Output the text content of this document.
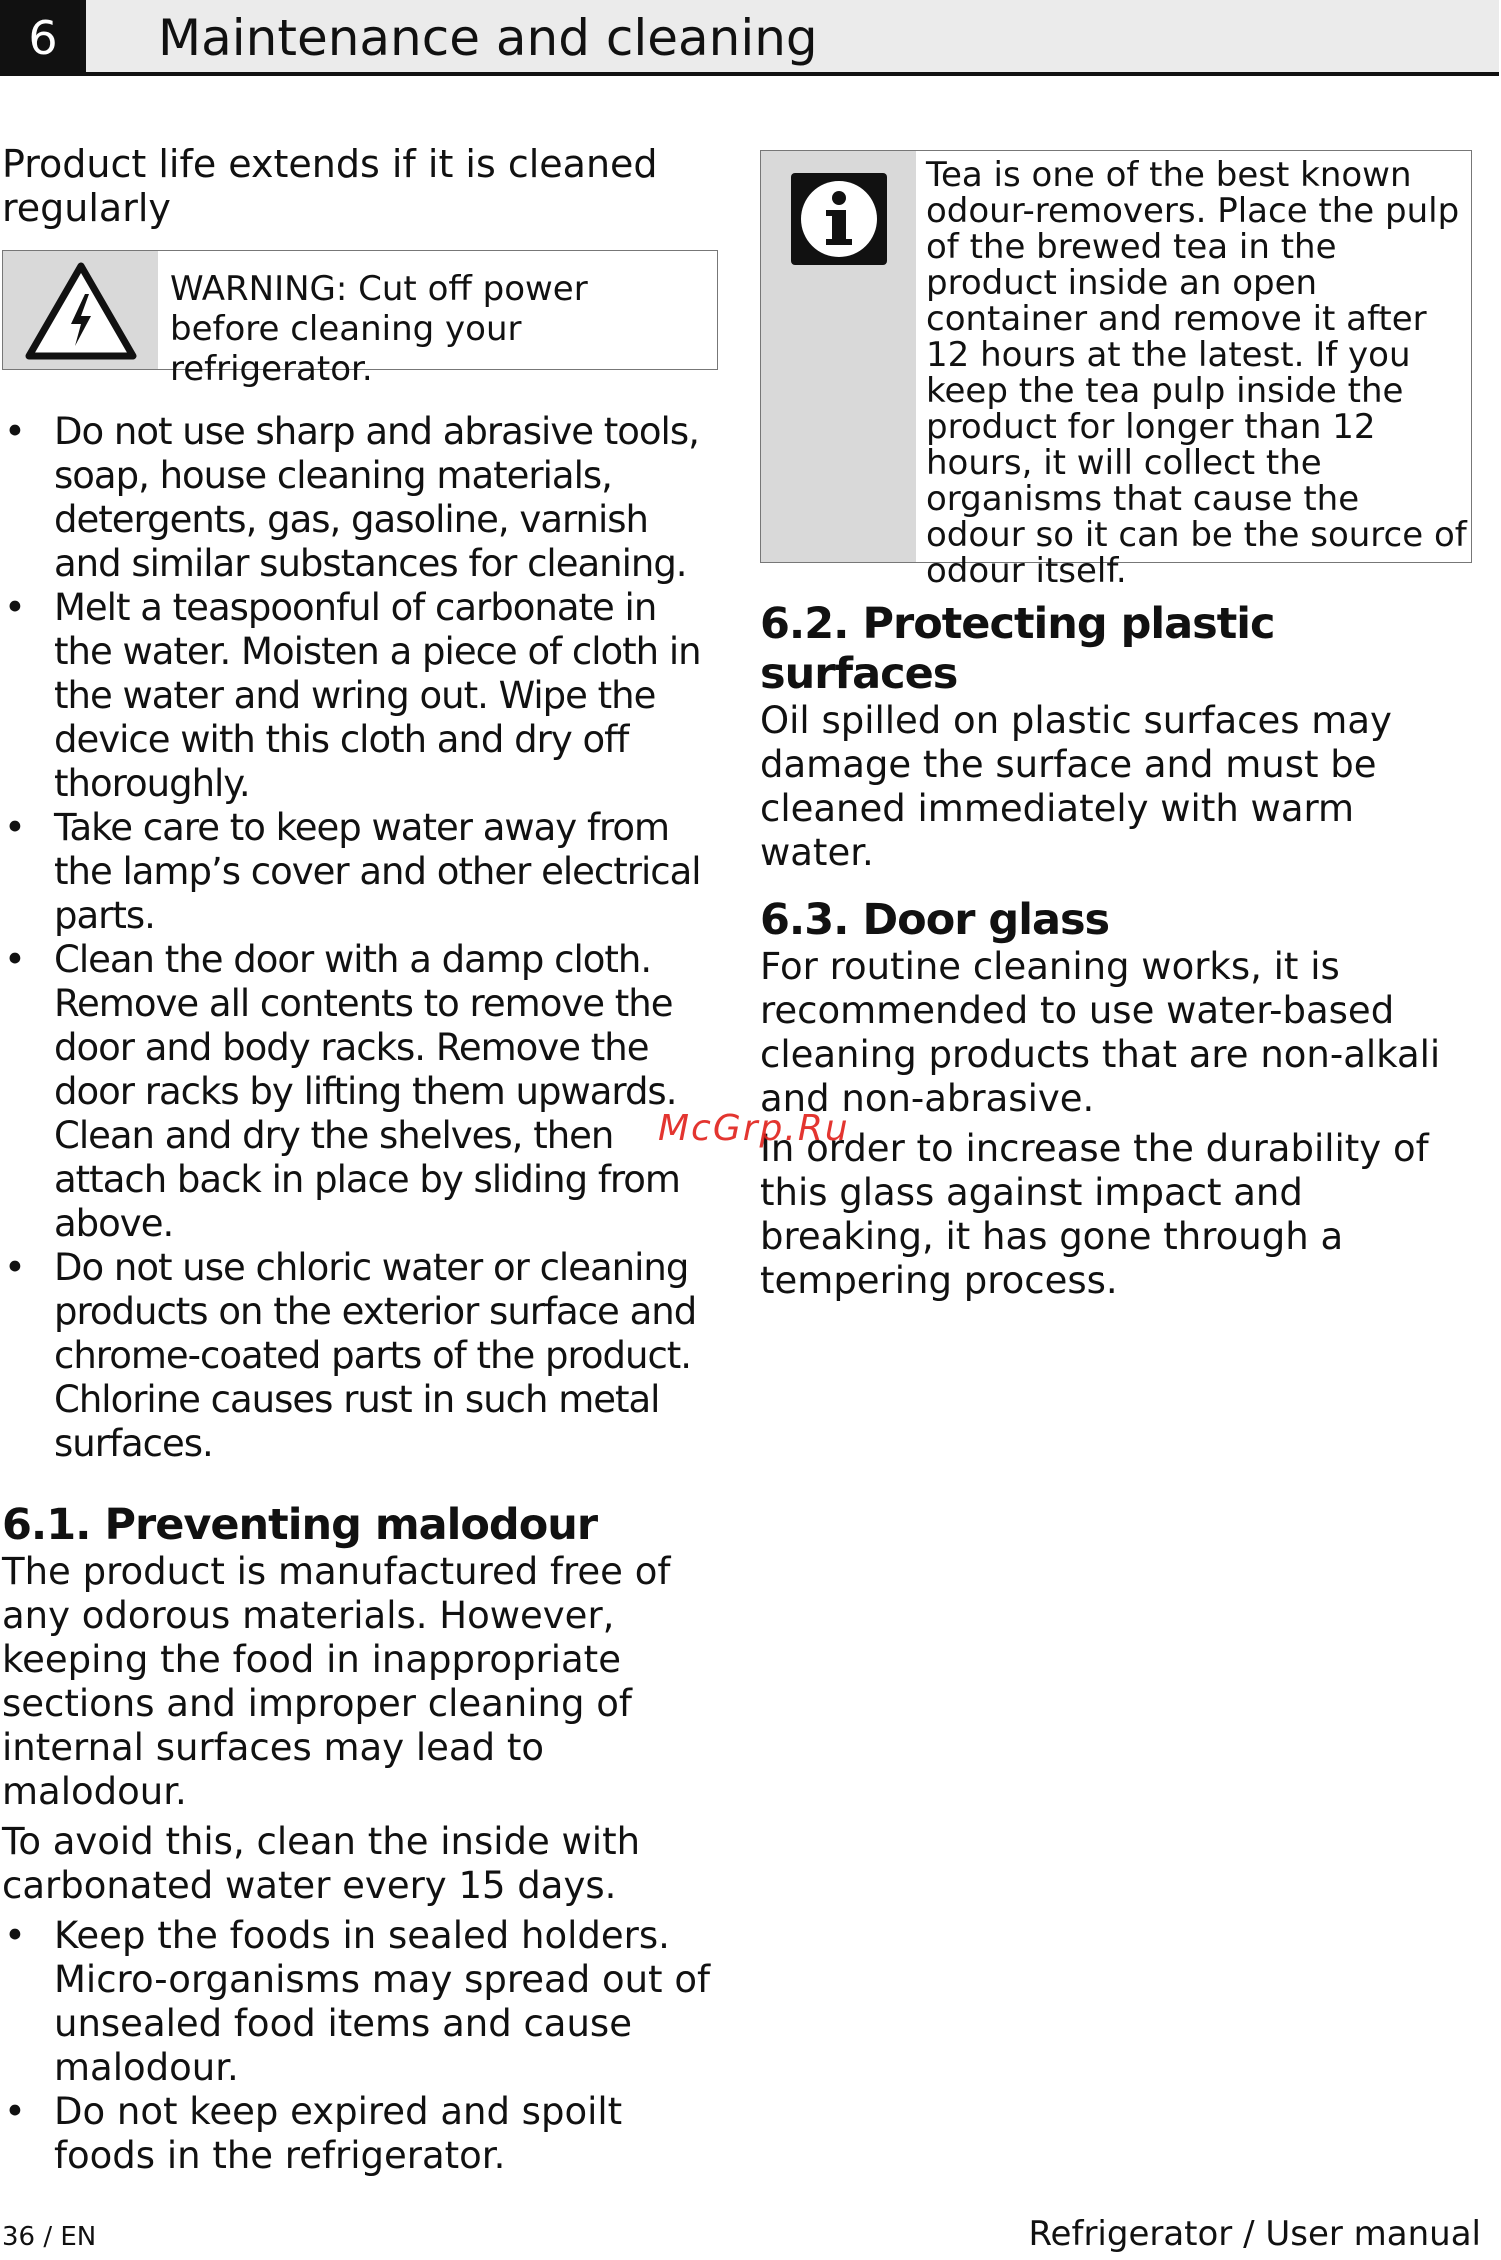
6	Maintenance and cleaning

Product life extends if it is cleaned regularly

WARNING: Cut off power before cleaning your refrigerator.
• Do not use sharp and abrasive tools, soap, house cleaning materials, detergents, gas, gasoline, varnish and similar substances for cleaning.
• Melt a teaspoonful of carbonate in the water. Moisten a piece of cloth in the water and wring out. Wipe the device with this cloth and dry off thoroughly.
• Take care to keep water away from the lamp’s cover and other electrical parts.
• Clean the door with a damp cloth. Remove all contents to remove the door and body racks. Remove the door racks by lifting them upwards. Clean and dry the shelves, then attach back in place by sliding from above.
• Do not use chloric water or cleaning products on the exterior surface and chrome-coated parts of the product. Chlorine causes rust in such metal surfaces.
6.1. Preventing malodour

The product is manufactured free of any odorous materials. However, keeping the food in inappropriate sections and improper cleaning of internal surfaces may lead to malodour.

To avoid this, clean the inside with carbonated water every 15 days.

• Keep the foods in sealed holders. Micro-organisms may spread out of unsealed food items and cause malodour.
• Do not keep expired and spoilt foods in the refrigerator.
Tea is one of the best known odour-removers. Place the pulp of the brewed tea in the product inside an open container and remove it after 12 hours at the latest. If you keep the tea pulp inside the product for longer than 12 hours, it will collect the organisms that cause the odour so it can be the source of odour itself.
6.2. Protecting plastic surfaces

Oil spilled on plastic surfaces may damage the surface and must be cleaned immediately with warm water.

6.3. Door glass

For routine cleaning works, it is recommended to use water-based cleaning products that are non-alkali and non-abrasive.

In order to increase the durability of this glass against impact and breaking, it has gone through a tempering process.

McGrp.Ru
36 / EN	Refrigerator / User manual
